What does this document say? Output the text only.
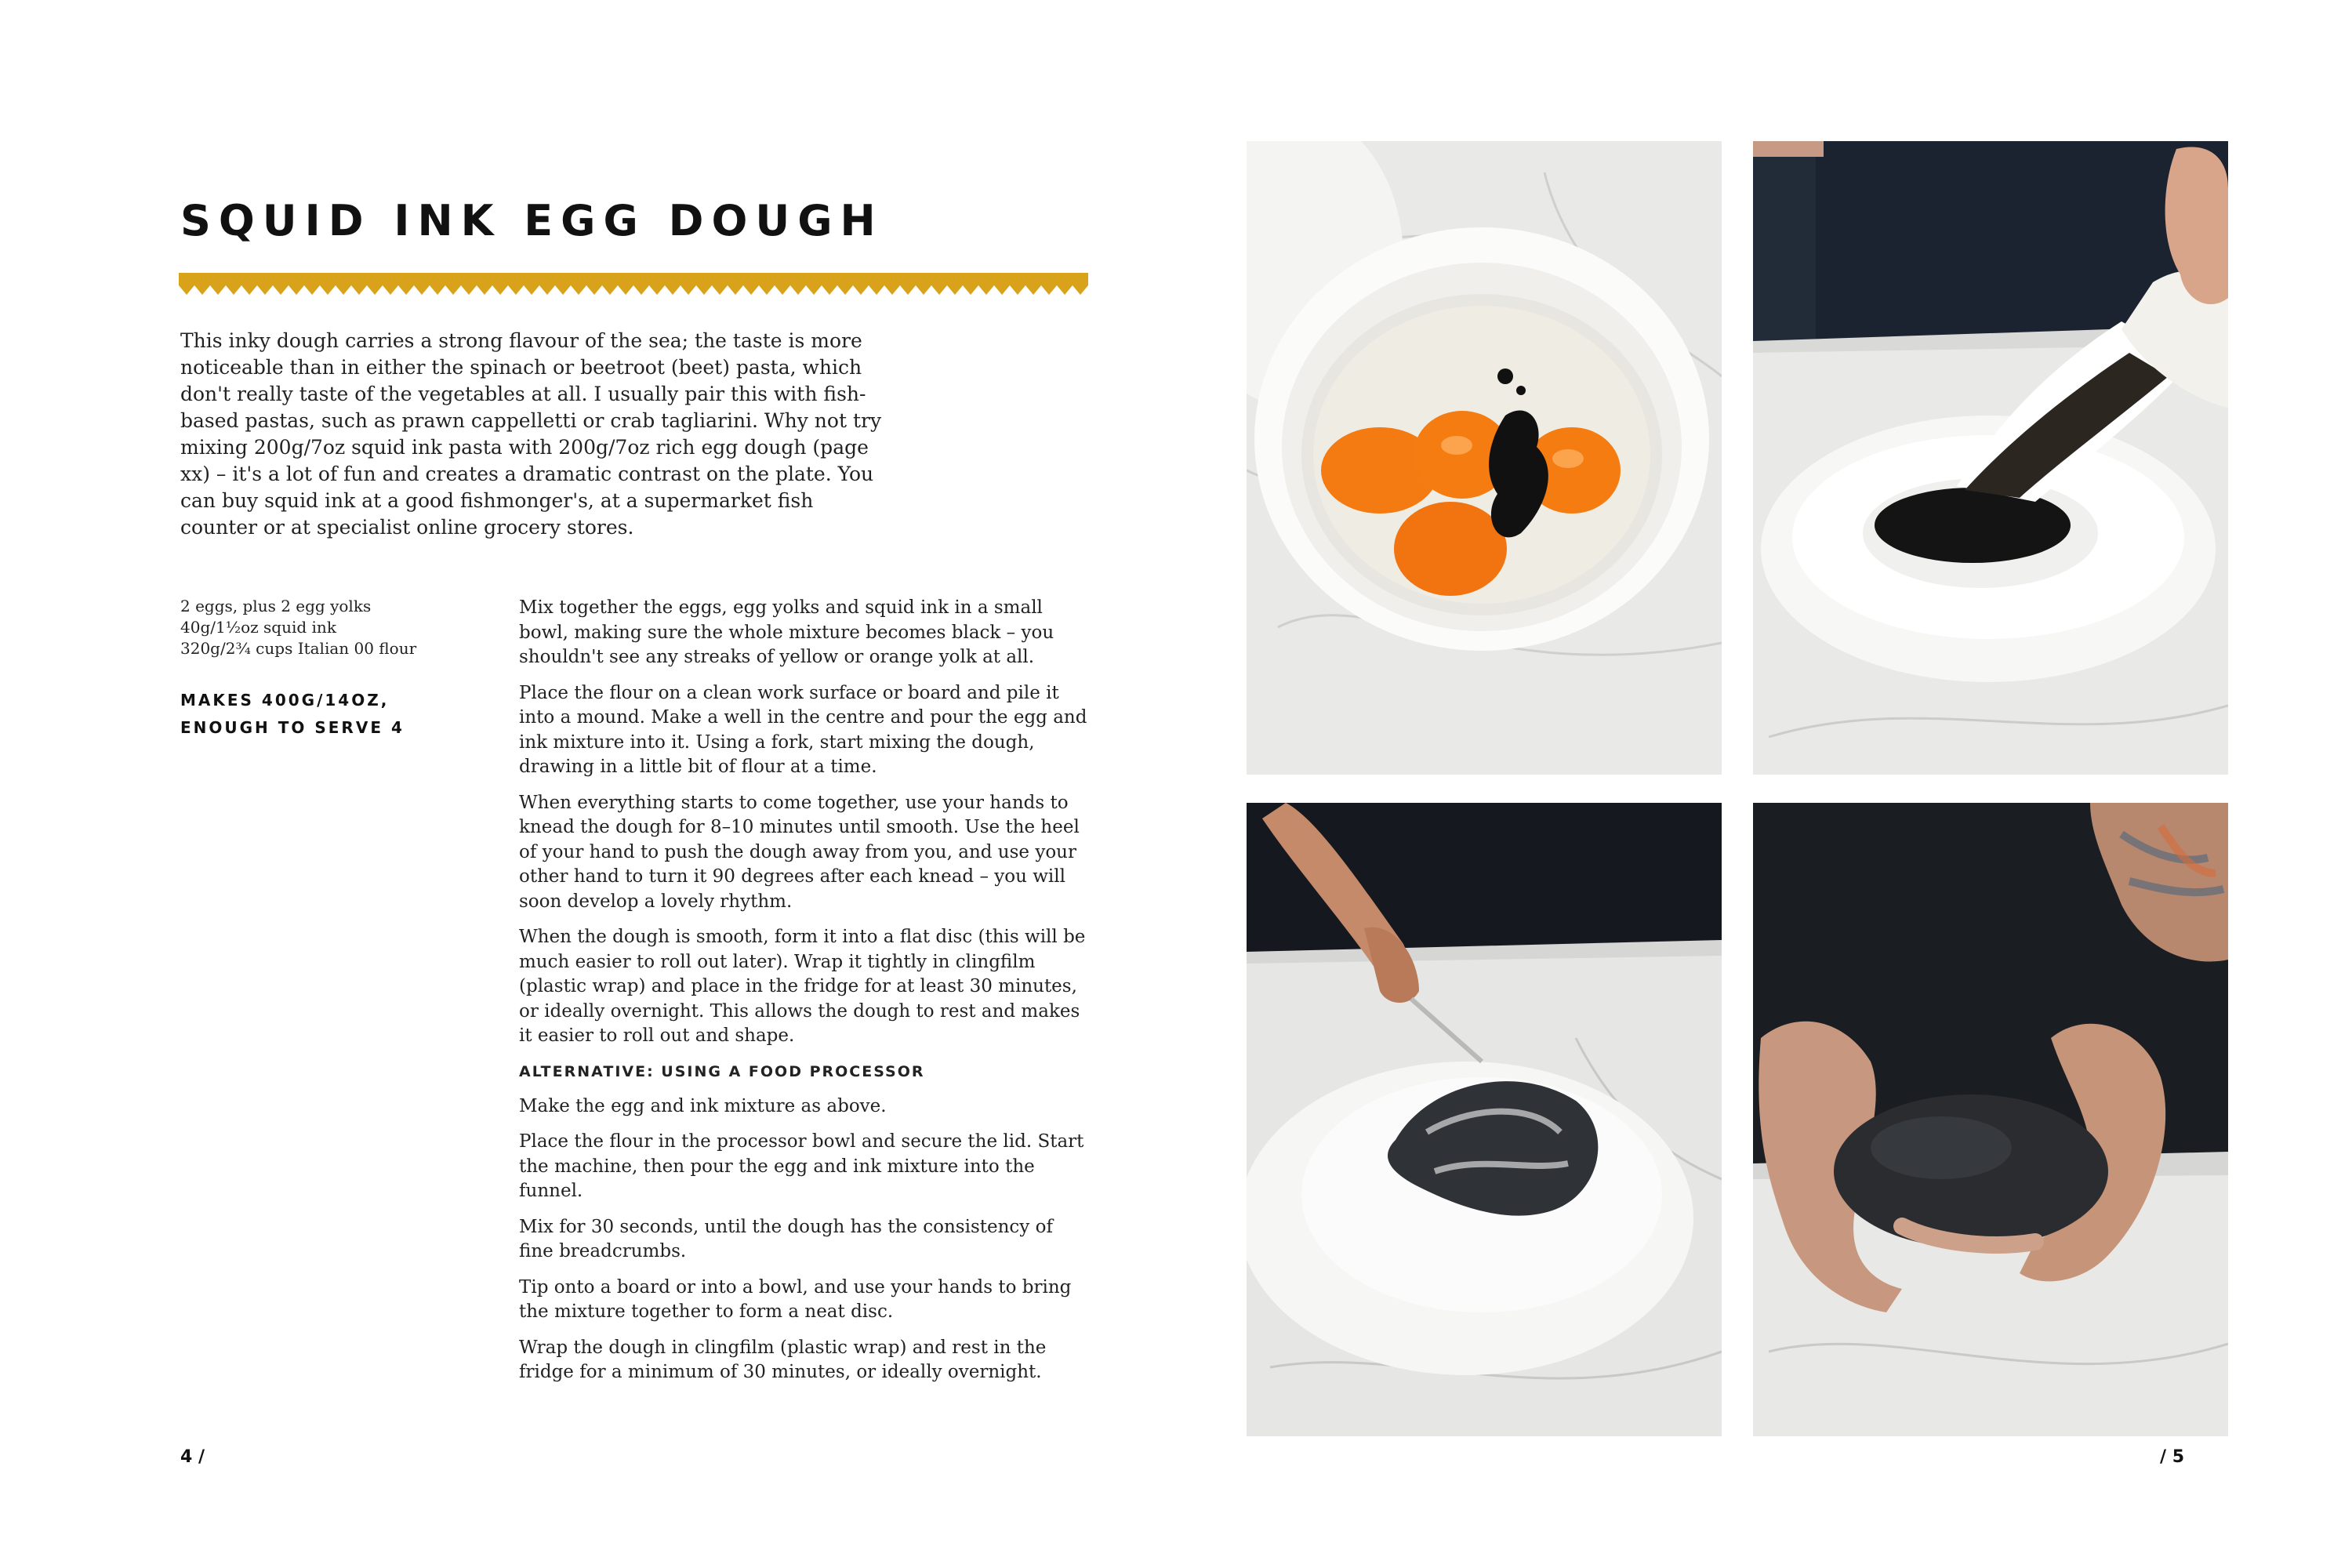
SQUID INK EGG DOUGH

This inky dough carries a strong flavour of the sea; the taste is more noticeable than in either the spinach or beetroot (beet) pasta, which don't really taste of the vegetables at all. I usually pair this with fish-based pastas, such as prawn cappelletti or crab tagliarini. Why not try mixing 200g/7oz squid ink pasta with 200g/7oz rich egg dough (page xx) – it's a lot of fun and creates a dramatic contrast on the plate. You can buy squid ink at a good fishmonger's, at a supermarket fish counter or at specialist online grocery stores.

2 eggs, plus 2 egg yolks
40g/1½oz squid ink
320g/2¾ cups Italian 00 flour

MAKES 400G/14OZ, ENOUGH TO SERVE 4

Mix together the eggs, egg yolks and squid ink in a small bowl, making sure the whole mixture becomes black – you shouldn't see any streaks of yellow or orange yolk at all.

Place the flour on a clean work surface or board and pile it into a mound. Make a well in the centre and pour the egg and ink mixture into it. Using a fork, start mixing the dough, drawing in a little bit of flour at a time.

When everything starts to come together, use your hands to knead the dough for 8–10 minutes until smooth. Use the heel of your hand to push the dough away from you, and use your other hand to turn it 90 degrees after each knead – you will soon develop a lovely rhythm.

When the dough is smooth, form it into a flat disc (this will be much easier to roll out later). Wrap it tightly in clingfilm (plastic wrap) and place in the fridge for at least 30 minutes, or ideally overnight. This allows the dough to rest and makes it easier to roll out and shape.

ALTERNATIVE: USING A FOOD PROCESSOR

Make the egg and ink mixture as above.

Place the flour in the processor bowl and secure the lid. Start the machine, then pour the egg and ink mixture into the funnel.

Mix for 30 seconds, until the dough has the consistency of fine breadcrumbs.

Tip onto a board or into a bowl, and use your hands to bring the mixture together to form a neat disc.

Wrap the dough in clingfilm (plastic wrap) and rest in the fridge for a minimum of 30 minutes, or ideally overnight.

4 /	/ 5
